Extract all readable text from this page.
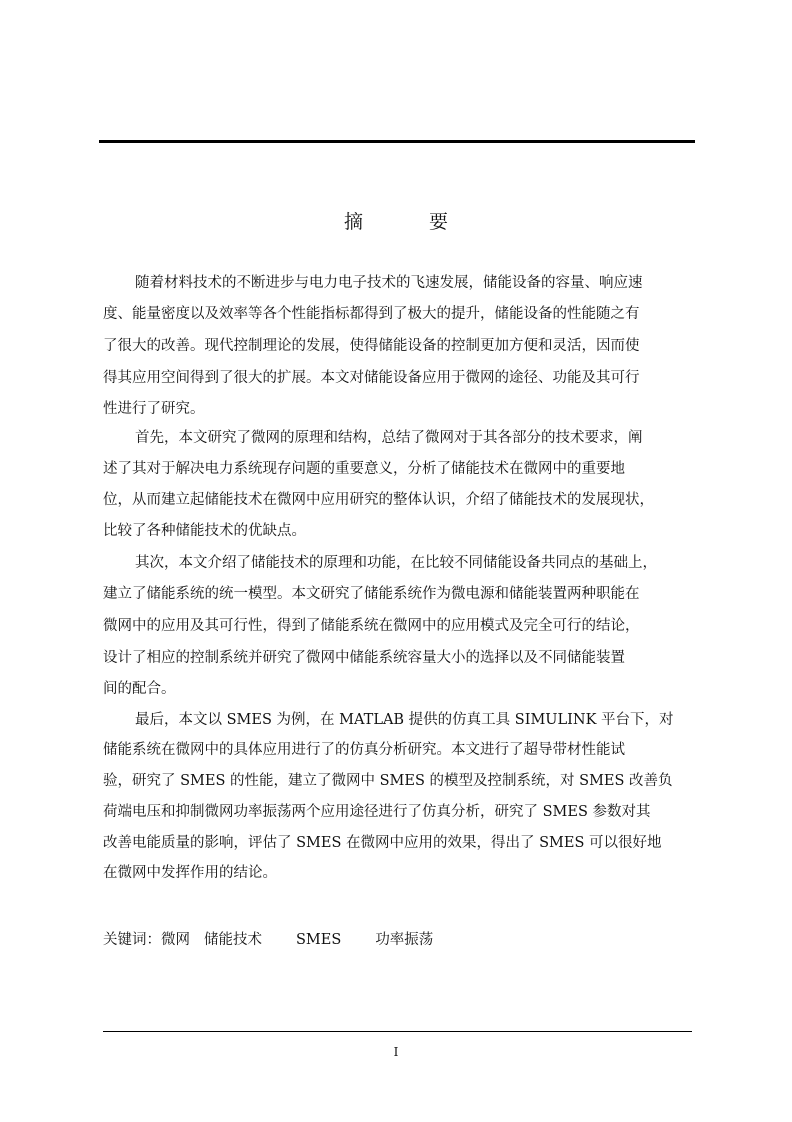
摘 要
随着材料技术的不断进步与电力电子技术的飞速发展，储能设备的容量、响应速
度、能量密度以及效率等各个性能指标都得到了极大的提升，储能设备的性能随之有
了很大的改善。现代控制理论的发展，使得储能设备的控制更加方便和灵活，因而使
得其应用空间得到了很大的扩展。本文对储能设备应用于微网的途径、功能及其可行
性进行了研究。
首先，本文研究了微网的原理和结构，总结了微网对于其各部分的技术要求，阐
述了其对于解决电力系统现存问题的重要意义，分析了储能技术在微网中的重要地
位，从而建立起储能技术在微网中应用研究的整体认识，介绍了储能技术的发展现状，
比较了各种储能技术的优缺点。
其次，本文介绍了储能技术的原理和功能，在比较不同储能设备共同点的基础上，
建立了储能系统的统一模型。本文研究了储能系统作为微电源和储能装置两种职能在
微网中的应用及其可行性，得到了储能系统在微网中的应用模式及完全可行的结论，
设计了相应的控制系统并研究了微网中储能系统容量大小的选择以及不同储能装置
间的配合。
最后，本文以 SMES 为例，在 MATLAB 提供的仿真工具 SIMULINK 平台下，对
储能系统在微网中的具体应用进行了的仿真分析研究。本文进行了超导带材性能试
验，研究了 SMES 的性能，建立了微网中 SMES 的模型及控制系统，对 SMES 改善负
荷端电压和抑制微网功率振荡两个应用途径进行了仿真分析，研究了 SMES 参数对其
改善电能质量的影响，评估了 SMES 在微网中应用的效果，得出了 SMES 可以很好地
在微网中发挥作用的结论。
关键词：微网 储能技术 SMES 功率振荡
I
